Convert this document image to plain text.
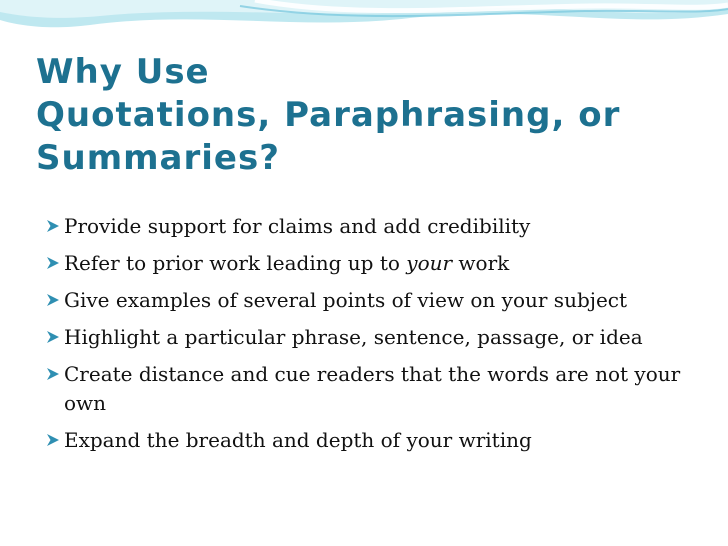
Why Use
Quotations, Paraphrasing, or
Summaries?
Provide support for claims and add credibility
Refer to prior work leading up to your work
Give examples of several points of view on your subject
Highlight a particular phrase, sentence, passage, or idea
Create distance and cue readers that the words are not your own
Expand the breadth and depth of your writing
